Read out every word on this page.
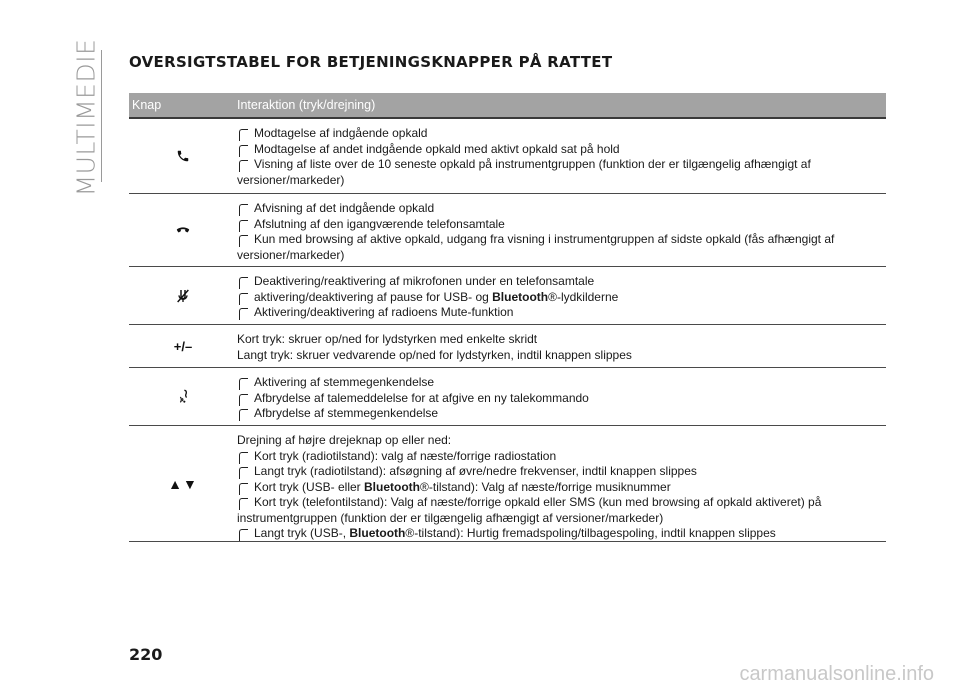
MULTIMEDIE OVERSIGTSTABEL FOR BETJENINGSKNAPPER PÅ RATTET
Knap	Interaktion (tryk/drejning)
Modtagelse af indgående opkald
Modtagelse af andet indgående opkald med aktivt opkald sat på hold
Visning af liste over de 10 seneste opkald på instrumentgruppen (funktion der er tilgængelig afhængigt af
versioner/markeder)
Afvisning af det indgående opkald
Afslutning af den igangværende telefonsamtale
Kun med browsing af aktive opkald, udgang fra visning i instrumentgruppen af sidste opkald (fås afhængigt af
versioner/markeder)
Deaktivering/reaktivering af mikrofonen under en telefonsamtale
aktivering/deaktivering af pause for USB- og Bluetooth®-lydkilderne
Aktivering/deaktivering af radioens Mute-funktion
+/–	Kort tryk: skruer op/ned for lydstyrken med enkelte skridt
Langt tryk: skruer vedvarende op/ned for lydstyrken, indtil knappen slippes
Aktivering af stemmegenkendelse
Afbrydelse af talemeddelelse for at afgive en ny talekommando
Afbrydelse af stemmegenkendelse
▲▼
Drejning af højre drejeknap op eller ned:
Kort tryk (radiotilstand): valg af næste/forrige radiostation
Langt tryk (radiotilstand): afsøgning af øvre/nedre frekvenser, indtil knappen slippes
Kort tryk (USB- eller Bluetooth®-tilstand): Valg af næste/forrige musiknummer
Kort tryk (telefontilstand): Valg af næste/forrige opkald eller SMS (kun med browsing af opkald aktiveret) på
instrumentgruppen (funktion der er tilgængelig afhængigt af versioner/markeder)
Langt tryk (USB-, Bluetooth®-tilstand): Hurtig fremadspoling/tilbagespoling, indtil knappen slippes
220
carmanualsonline.info
